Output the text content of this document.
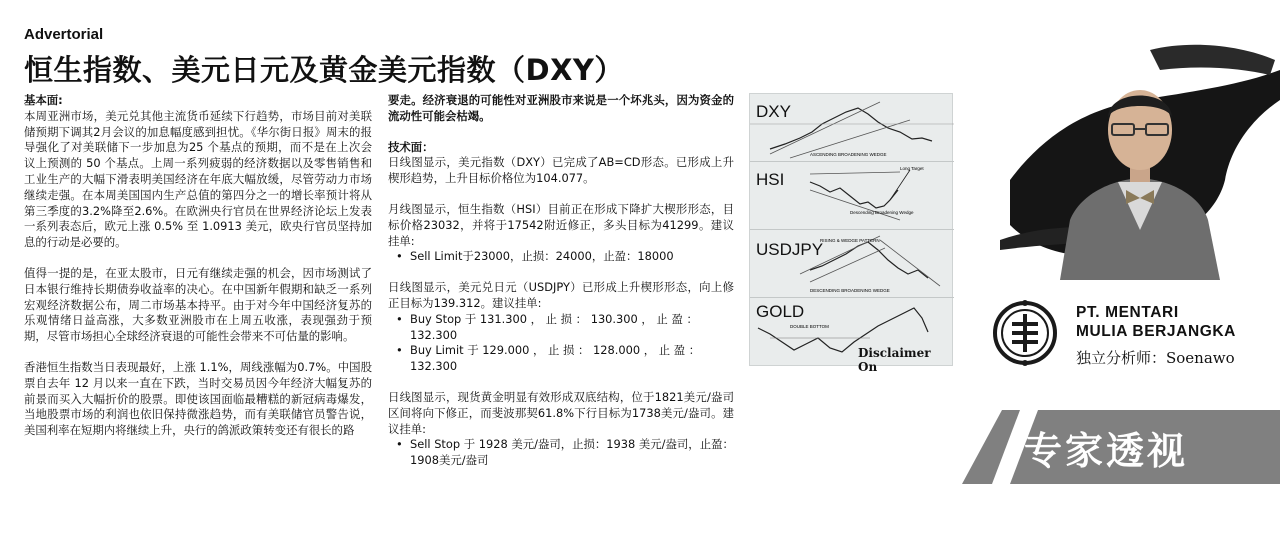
Advertorial
恒生指数、美元日元及黄金美元指数（DXY）
基本面:

本周亚洲市场，美元兑其他主流货币延续下行趋势，市场目前对美联储预期下调其2月会议的加息幅度感到担忧。《华尔街日报》周末的报导强化了对美联储下一步加息为25 个基点的预期，而不是在上次会议上预测的 50 个基点。上周一系列疲弱的经济数据以及零售销售和工业生产的大幅下滑表明美国经济在年底大幅放缓，尽管劳动力市场继续走强。在本周美国国内生产总值的第四分之一的增长率预计将从第三季度的3.2%降至2.6%。在欧洲央行官员在世界经济论坛上发表一系列表态后，欧元上涨 0.5% 至 1.0913 美元，欧央行官员坚持加息的行动是必要的。

值得一提的是，在亚太股市，日元有继续走强的机会，因市场测试了日本银行维持长期债券收益率的决心。在中国新年假期和缺乏一系列宏观经济数据公布，周二市场基本持平。由于对今年中国经济复苏的乐观情绪日益高涨，大多数亚洲股市在上周五收涨，表现强劲于预期，尽管市场担心全球经济衰退的可能性会带来不可估量的影响。

香港恒生指数当日表现最好，上涨 1.1%，周线涨幅为0.7%。中国股票自去年 12 月以来一直在下跌，当时交易员因今年经济大幅复苏的前景而买入大幅折价的股票。即使该国面临最糟糕的新冠病毒爆发，当地股票市场的利润也依旧保持微涨趋势，而有美联储官员警告说，美国利率在短期内将继续上升，央行的鸽派政策转变还有很长的路

要走。经济衰退的可能性对亚洲股市来说是一个坏兆头，因为资金的流动性可能会枯竭。

技术面：

日线图显示，美元指数（DXY）已完成了AB=CD形态。已形成上升楔形趋势，上升目标价格位为104.077。

月线图显示，恒生指数（HSI）目前正在形成下降扩大楔形形态，目标价格23032，并将于17542附近修正，多头目标为41299。建议挂单:

• Sell Limit于23000，止损：24000，止盈：18000

日线图显示，美元兑日元（USDJPY）已形成上升楔形形态，向上修正目标为139.312。建议挂单:

• Buy Stop 于 131.300 ， 止 损 ： 130.300 ， 止 盈 ： 132.300
• Buy Limit 于 129.000 ， 止 损 ： 128.000 ， 止 盈 ： 132.300

日线图显示，现货黄金明显有效形成双底结构，位于1821美元/盎司区间将向下修正，而斐波那契61.8%下行目标为1738美元/盎司。建议挂单:

• Sell Stop 于 1928 美元/盎司，止损：1938 美元/盎司，止盈：1908美元/盎司
ASCENDING BROADENING WEDGE
DXY
Long Target
Descending Broadening Wedge
HSI
RISING & WEDGE PATTERN
DESCENDING BROADENING WEDGE
USDJPY
DOUBLE BOTTOM
GOLD
Disclaimer On
PT. MENTARI
MULIA BERJANGKA
独立分析师：Soenawo
专家透视
